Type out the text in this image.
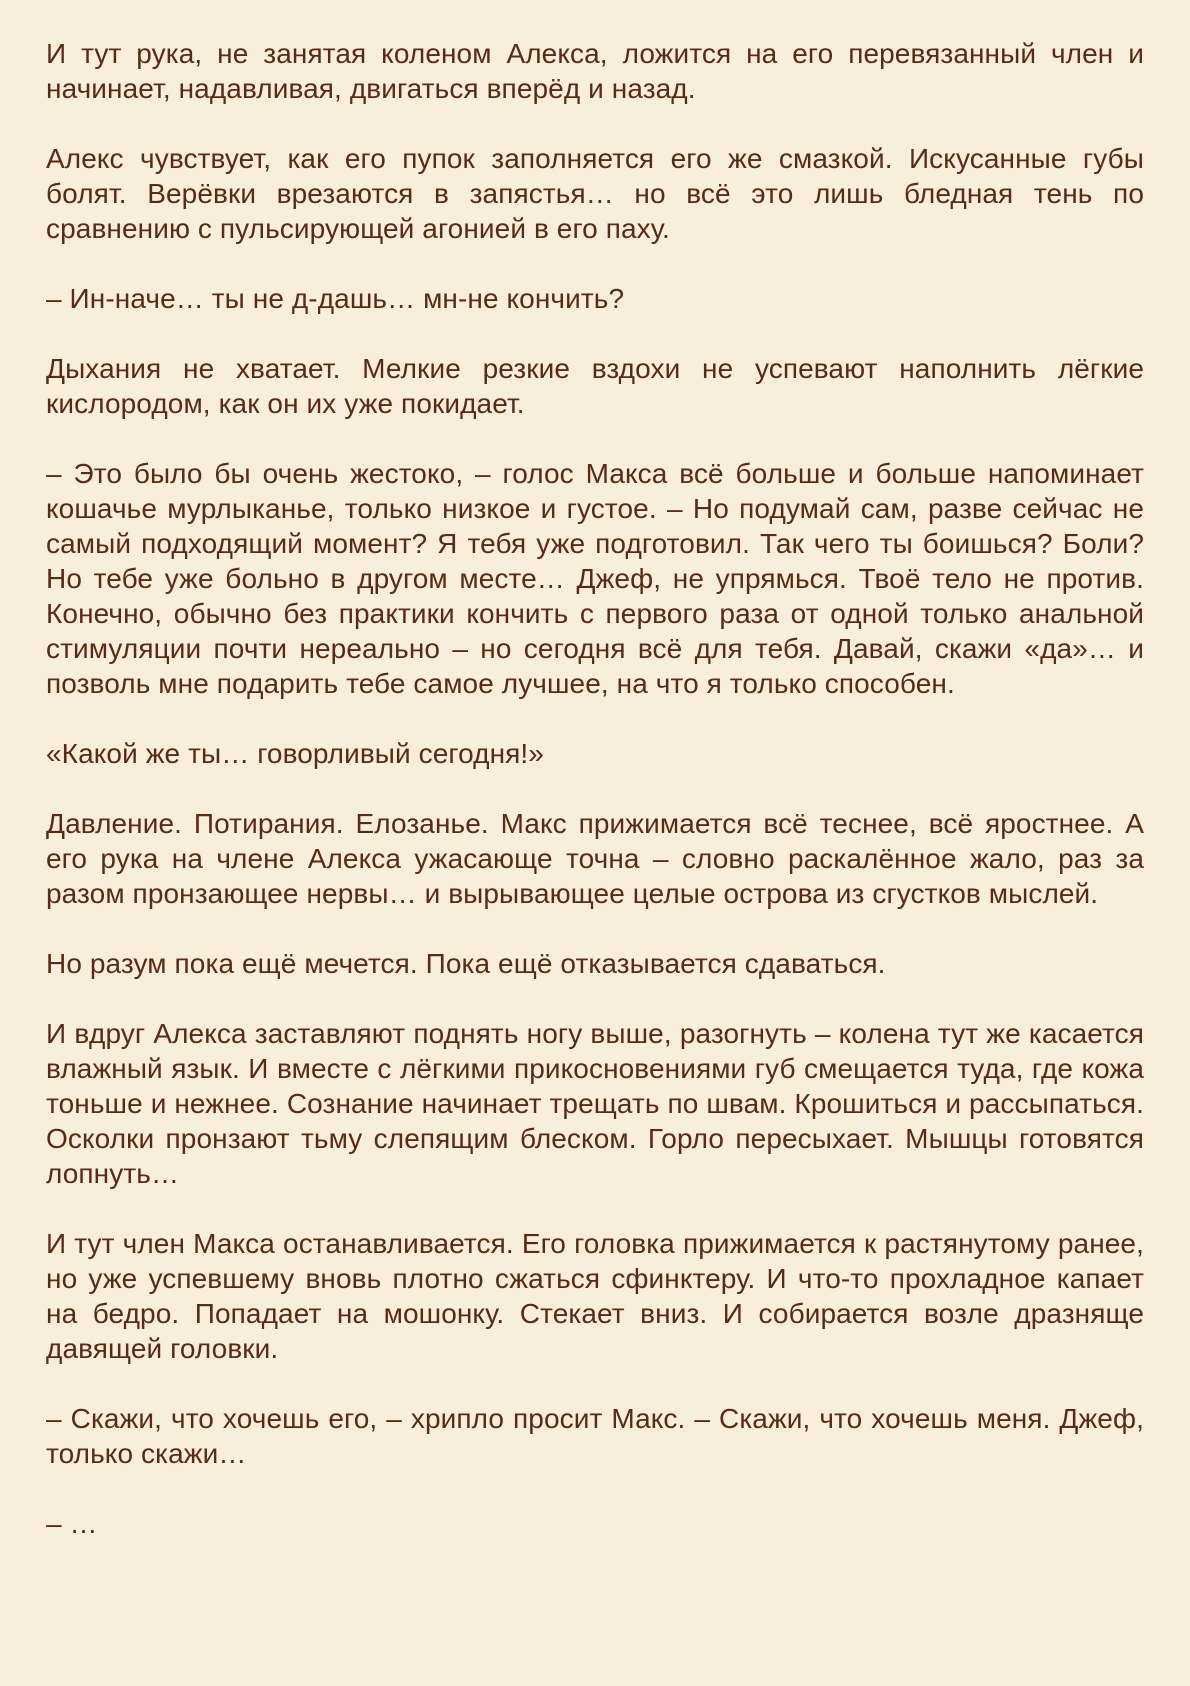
И тут рука, не занятая коленом Алекса, ложится на его перевязанный член и начинает, надавливая, двигаться вперёд и назад.

Алекс чувствует, как его пупок заполняется его же смазкой. Искусанные губы болят. Верёвки врезаются в запястья… но всё это лишь бледная тень по сравнению с пульсирующей агонией в его паху.

– Ин-наче… ты не д-дашь… мн-не кончить?

Дыхания не хватает. Мелкие резкие вздохи не успевают наполнить лёгкие кислородом, как он их уже покидает.

– Это было бы очень жестоко, – голос Макса всё больше и больше напоминает кошачье мурлыканье, только низкое и густое. – Но подумай сам, разве сейчас не самый подходящий момент? Я тебя уже подготовил. Так чего ты боишься? Боли? Но тебе уже больно в другом месте… Джеф, не упрямься. Твоё тело не против. Конечно, обычно без практики кончить с первого раза от одной только анальной стимуляции почти нереально – но сегодня всё для тебя. Давай, скажи «да»… и позволь мне подарить тебе самое лучшее, на что я только способен.

«Какой же ты… говорливый сегодня!»

Давление. Потирания. Елозанье. Макс прижимается всё теснее, всё яростнее. А его рука на члене Алекса ужасающе точна – словно раскалённое жало, раз за разом пронзающее нервы… и вырывающее целые острова из сгустков мыслей.

Но разум пока ещё мечется. Пока ещё отказывается сдаваться.

И вдруг Алекса заставляют поднять ногу выше, разогнуть – колена тут же касается влажный язык. И вместе с лёгкими прикосновениями губ смещается туда, где кожа тоньше и нежнее. Сознание начинает трещать по швам. Крошиться и рассыпаться. Осколки пронзают тьму слепящим блеском. Горло пересыхает. Мышцы готовятся лопнуть…

И тут член Макса останавливается. Его головка прижимается к растянутому ранее, но уже успевшему вновь плотно сжаться сфинктеру. И что-то прохладное капает на бедро. Попадает на мошонку. Стекает вниз. И собирается возле дразняще давящей головки.

– Скажи, что хочешь его, – хрипло просит Макс. – Скажи, что хочешь меня. Джеф, только скажи…

– …
